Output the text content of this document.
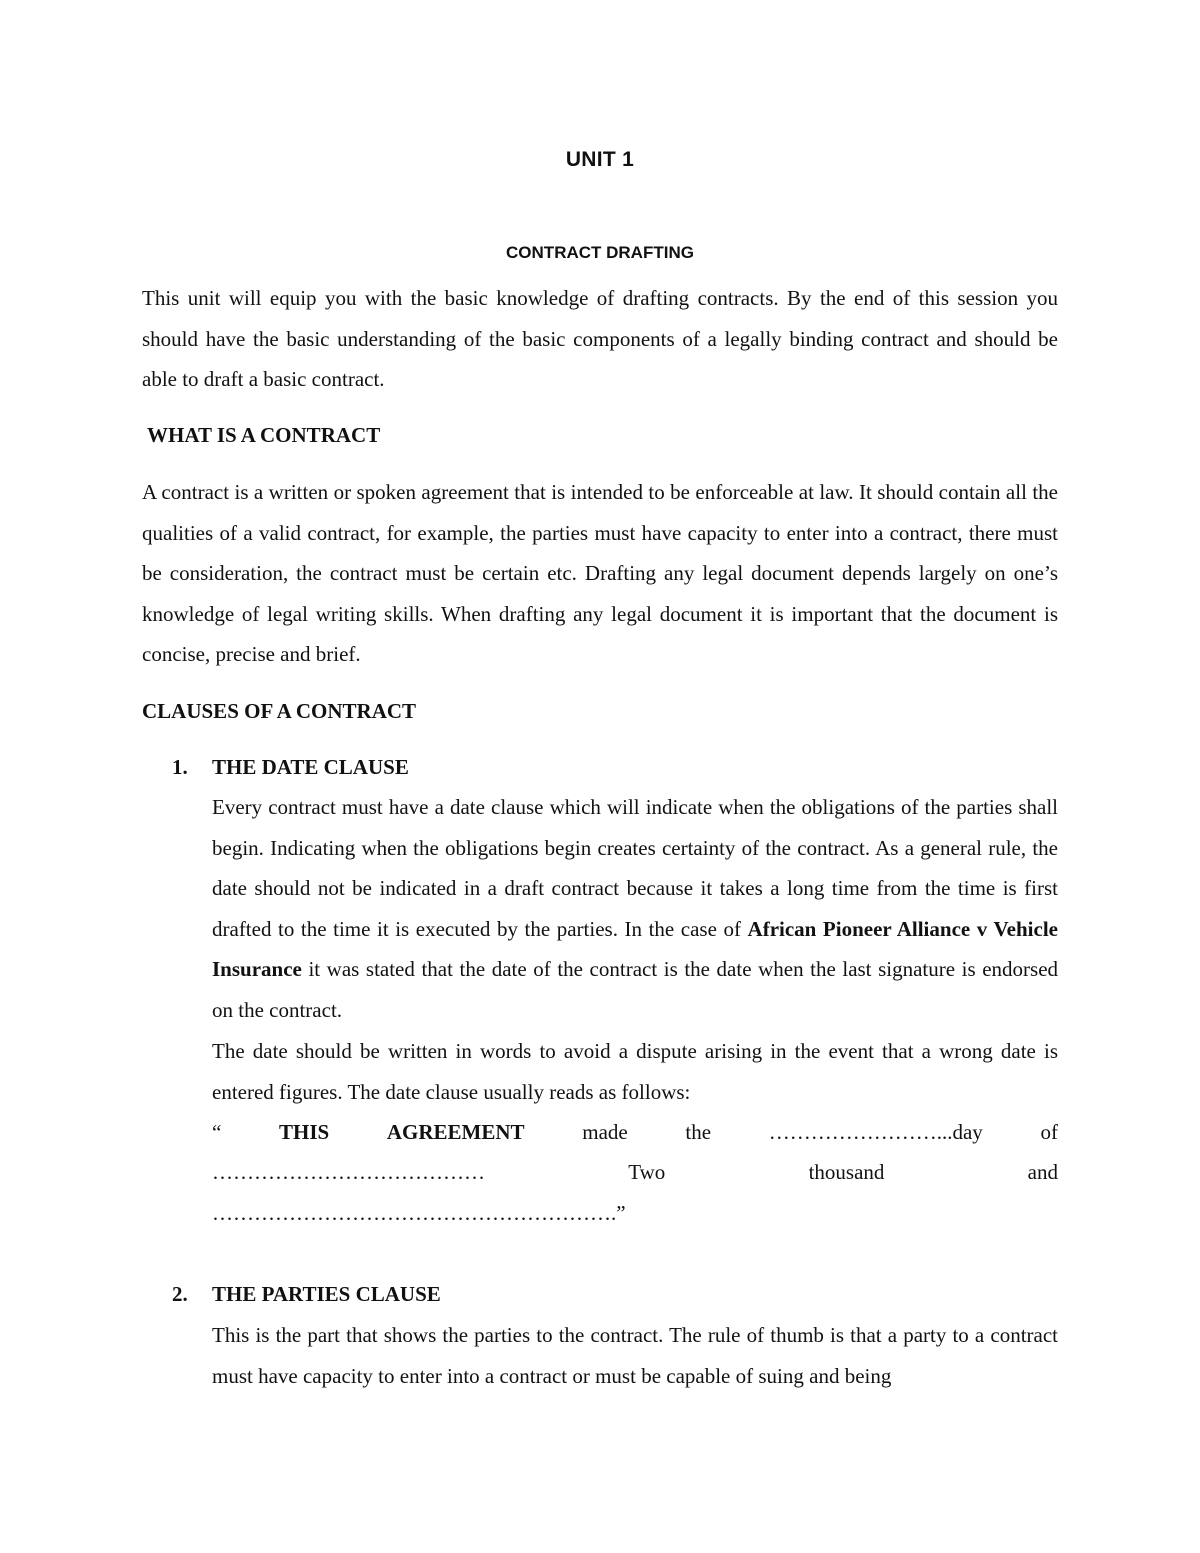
UNIT 1
CONTRACT DRAFTING

This unit will equip you with the basic knowledge of drafting contracts. By the end of this session you should have the basic understanding of the basic components of a legally binding contract and should be able to draft a basic contract.

WHAT IS A CONTRACT

A contract is a written or spoken agreement that is intended to be enforceable at law. It should contain all the qualities of a valid contract, for example, the parties must have capacity to enter into a contract, there must be consideration, the contract must be certain etc. Drafting any legal document depends largely on one’s knowledge of legal writing skills. When drafting any legal document it is important that the document is concise, precise and brief.

CLAUSES OF A CONTRACT
1. THE DATE CLAUSE

Every contract must have a date clause which will indicate when the obligations of the parties shall begin. Indicating when the obligations begin creates certainty of the contract. As a general rule, the date should not be indicated in a draft contract because it takes a long time from the time is first drafted to the time it is executed by the parties. In the case of African Pioneer Alliance v Vehicle Insurance it was stated that the date of the contract is the date when the last signature is endorsed on the contract.

The date should be written in words to avoid a dispute arising in the event that a wrong date is entered figures. The date clause usually reads as follows:

“	THIS	AGREEMENT	made	the	……………………...day	of
…………………………………	Two	thousand	and
………………………………………………….”
2. THE PARTIES CLAUSE

This is the part that shows the parties to the contract. The rule of thumb is that a party to a contract must have capacity to enter into a contract or must be capable of suing and being
